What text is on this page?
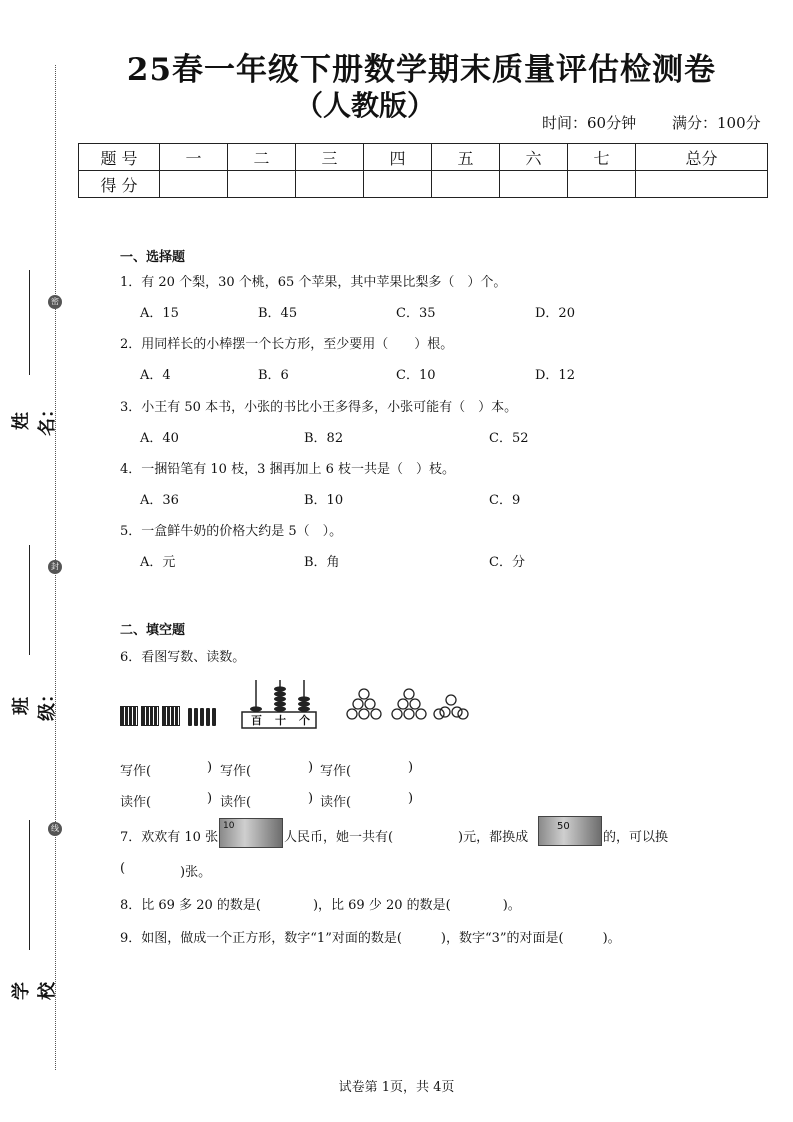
姓名：
密
封
班级：
线
学校
25春一年级下册数学期末质量评估检测卷
（人教版）
时间：60分钟 满分：100分
题 号	一	二	三	四	五	六	七	总分
得 分								
一、选择题
1．有 20 个梨，30 个桃，65 个苹果，其中苹果比梨多（　）个。
A．15	B．45	C．35	D．20
2．用同样长的小棒摆一个长方形，至少要用（　　）根。
A．4	B．6	C．10	D．12
3．小王有 50 本书，小张的书比小王多得多，小张可能有（　）本。
A．40	B．82	C．52
4．一捆铅笔有 10 枝，3 捆再加上 6 枝一共是（　）枝。
A．36	B．10	C．9
5．一盒鲜牛奶的价格大约是 5（　）。
A．元	B．角	C．分
二、填空题
6．看图写数、读数。

百 十 个
写作(	) 写作(	) 写作(	)
读作(	) 读作(	) 读作(	)
7．欢欢有 10 张
10
人民币，她一共有(	)元，都换成
50
的，可以换
(	)张。
8．比 69 多 20 的数是(　　　　)，比 69 少 20 的数是(　　　　)。
9．如图，做成一个正方形，数字“1”对面的数是(　　　)，数字“3”的对面是(　　　)。
试卷第 1页，共 4页
